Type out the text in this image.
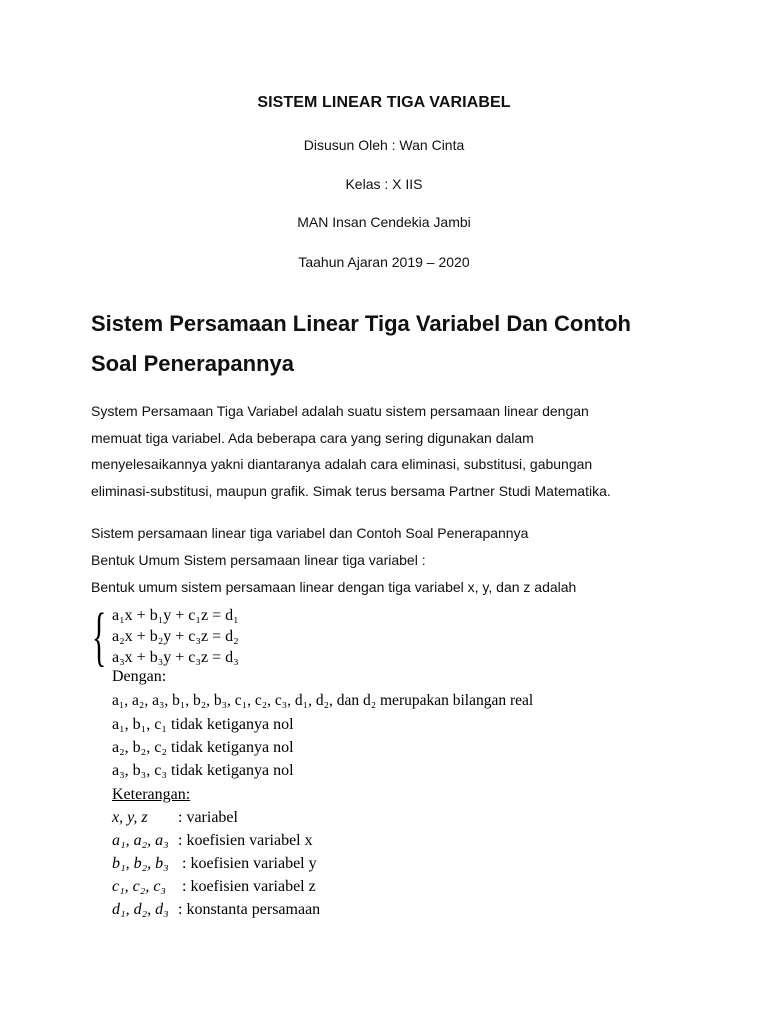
SISTEM LINEAR TIGA VARIABEL
Disusun Oleh : Wan Cinta
Kelas : X IIS
MAN Insan Cendekia Jambi
Taahun Ajaran 2019 – 2020
Sistem Persamaan Linear Tiga Variabel Dan Contoh
Soal Penerapannya
System Persamaan Tiga Variabel adalah suatu sistem persamaan linear dengan
memuat tiga variabel. Ada beberapa cara yang sering digunakan dalam
menyelesaikannya yakni diantaranya adalah cara eliminasi, substitusi, gabungan
eliminasi-substitusi, maupun grafik. Simak terus bersama Partner Studi Matematika.
Sistem persamaan linear tiga variabel dan Contoh Soal Penerapannya
Bentuk Umum Sistem persamaan linear tiga variabel :
Bentuk umum sistem persamaan linear dengan tiga variabel x, y, dan z adalah
{ a₁x + b₁y + c₁z = d₁
a₂x + b₂y + c₃z = d₂
a₃x + b₃y + c₃z = d₃
Dengan:
a₁, a₂, a₃, b₁, b₂, b₃, c₁, c₂, c₃, d₁, d₂, dan d₂ merupakan bilangan real
a₁, b₁, c₁ tidak ketiganya nol
a₂, b₂, c₂ tidak ketiganya nol
a₃, b₃, c₃ tidak ketiganya nol
Keterangan:
x, y, z : variabel
a₁, a₂, a₃ : koefisien variabel x
b₁, b₂, b₃ : koefisien variabel y
c₁, c₂, c₃ : koefisien variabel z
d₁, d₂, d₃ : konstanta persamaan
